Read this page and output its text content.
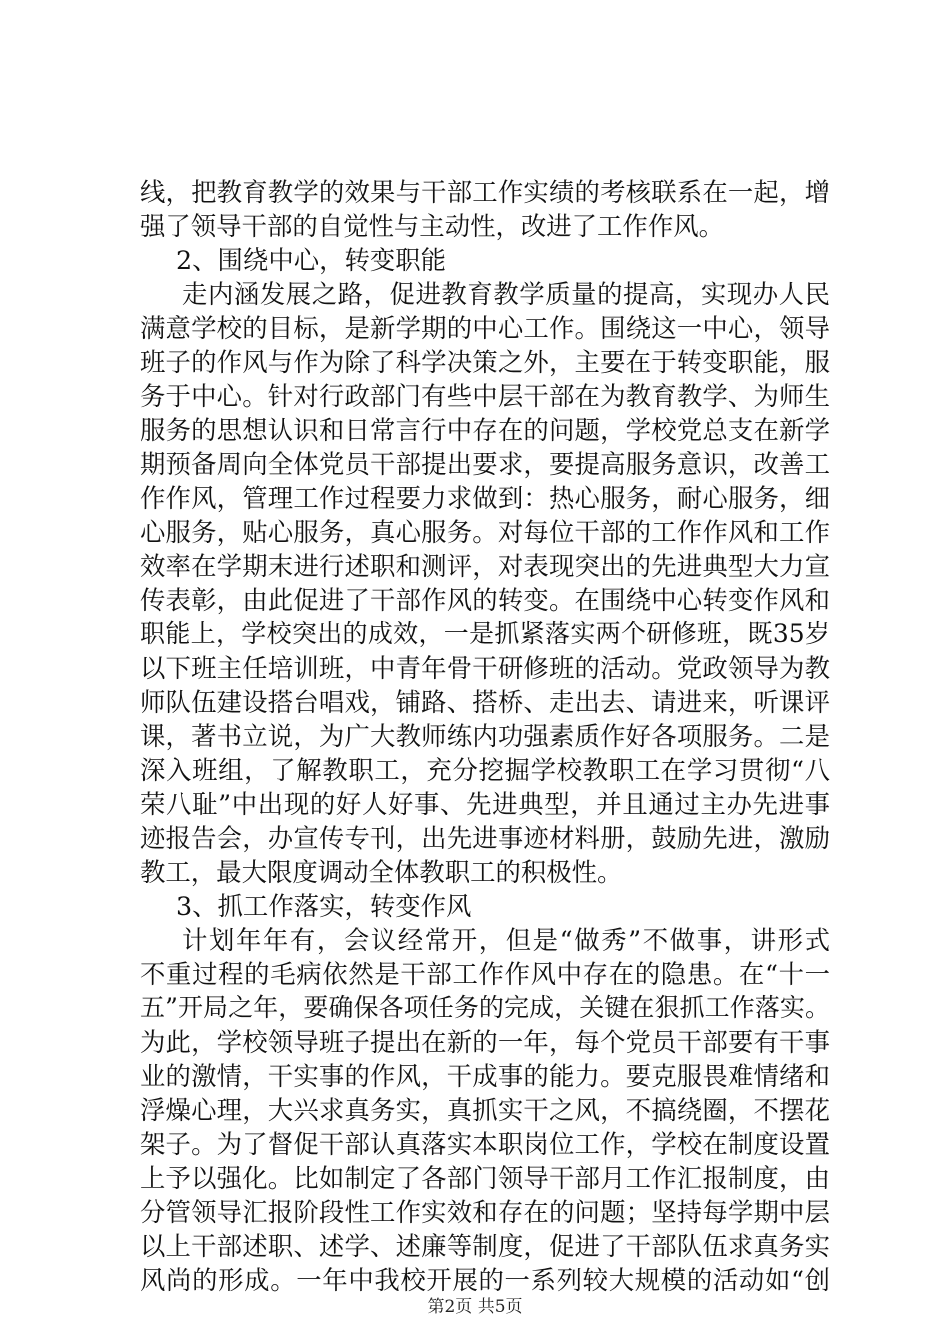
线，把教育教学的效果与干部工作实绩的考核联系在一起，增
强了领导干部的自觉性与主动性，改进了工作作风。
2、围绕中心，转变职能
走内涵发展之路，促进教育教学质量的提高，实现办人民
满意学校的目标，是新学期的中心工作。围绕这一中心，领导
班子的作风与作为除了科学决策之外，主要在于转变职能，服
务于中心。针对行政部门有些中层干部在为教育教学、为师生
服务的思想认识和日常言行中存在的问题，学校党总支在新学
期预备周向全体党员干部提出要求，要提高服务意识，改善工
作作风，管理工作过程要力求做到：热心服务，耐心服务，细
心服务，贴心服务，真心服务。对每位干部的工作作风和工作
效率在学期末进行述职和测评，对表现突出的先进典型大力宣
传表彰，由此促进了干部作风的转变。在围绕中心转变作风和
职能上，学校突出的成效，一是抓紧落实两个研修班，既35岁
以下班主任培训班，中青年骨干研修班的活动。党政领导为教
师队伍建设搭台唱戏，铺路、搭桥、走出去、请进来，听课评
课，著书立说，为广大教师练内功强素质作好各项服务。二是
深入班组，了解教职工，充分挖掘学校教职工在学习贯彻“八
荣八耻”中出现的好人好事、先进典型，并且通过主办先进事
迹报告会，办宣传专刊，出先进事迹材料册，鼓励先进，激励
教工，最大限度调动全体教职工的积极性。
3、抓工作落实，转变作风
计划年年有，会议经常开，但是“做秀”不做事，讲形式
不重过程的毛病依然是干部工作作风中存在的隐患。在“十一
五”开局之年，要确保各项任务的完成，关键在狠抓工作落实。
为此，学校领导班子提出在新的一年，每个党员干部要有干事
业的激情，干实事的作风，干成事的能力。要克服畏难情绪和
浮燥心理，大兴求真务实，真抓实干之风，不搞绕圈，不摆花
架子。为了督促干部认真落实本职岗位工作，学校在制度设置
上予以强化。比如制定了各部门领导干部月工作汇报制度，由
分管领导汇报阶段性工作实效和存在的问题；坚持每学期中层
以上干部述职、述学、述廉等制度，促进了干部队伍求真务实
风尚的形成。一年中我校开展的一系列较大规模的活动如“创
第2页 共5页
